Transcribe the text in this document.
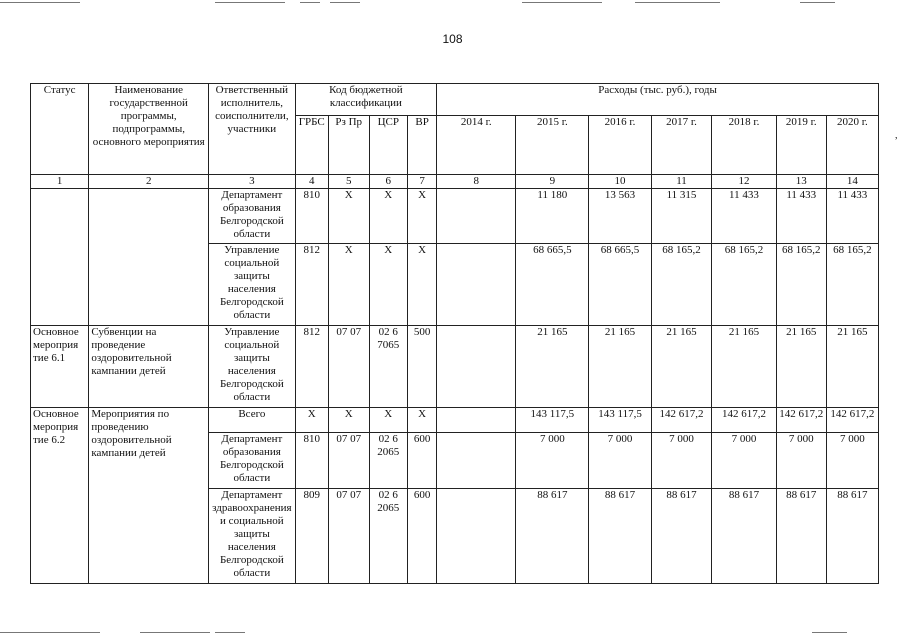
108
Статус	Наименование государственной программы, подпрограммы, основного мероприятия	Ответственный исполнитель, соисполнители, участники	Код бюджетной классификации				Расходы (тыс. руб.), годы						
			ГРБС	Рз Пр	ЦСР	ВР	2014 г.	2015 г.	2016 г.	2017 г.	2018 г.	2019 г.	2020 г.
1	2	3	4	5	6	7	8	9	10	11	12	13	14
		Департамент образования Белгородской области	810	Х	Х	Х		11 180	13 563	11 315	11 433	11 433	11 433
		Управление социальной защиты населения Белгородской области	812	Х	Х	Х		68 665,5	68 665,5	68 165,2	68 165,2	68 165,2	68 165,2
Основное мероприя тие 6.1	Субвенции на проведение оздоровительной кампании детей	Управление социальной защиты населения Белгородской области	812	07 07	02 6 7065	500		21 165	21 165	21 165	21 165	21 165	21 165
Основное мероприя тие 6.2	Мероприятия по проведению оздоровительной кампании детей	Всего	Х	Х	Х	Х		143 117,5	143 117,5	142 617,2	142 617,2	142 617,2	142 617,2
		Департамент образования Белгородской области	810	07 07	02 6 2065	600		7 000	7 000	7 000	7 000	7 000	7 000
		Департамент здравоохранения и социальной защиты населения Белгородской области	809	07 07	02 6 2065	600		88 617	88 617	88 617	88 617	88 617	88 617
,
